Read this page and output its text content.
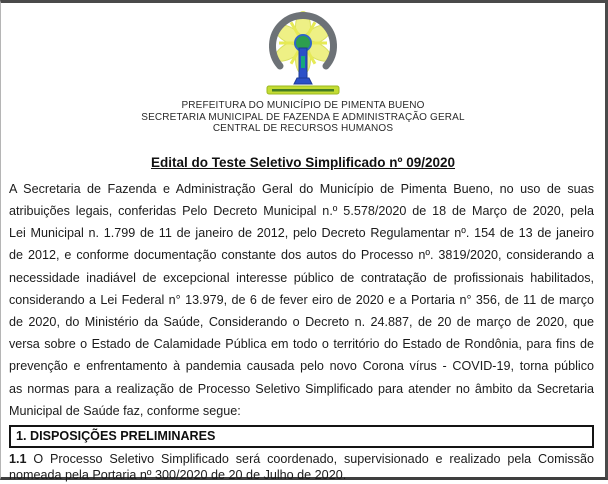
PREFEITURA DO MUNICÍPIO DE PIMENTA BUENO
SECRETARIA MUNICIPAL DE FAZENDA E ADMINISTRAÇÃO GERAL
CENTRAL DE RECURSOS HUMANOS
Edital do Teste Seletivo Simplificado nº 09/2020
A Secretaria de Fazenda e Administração Geral do Município de Pimenta Bueno, no uso de suas
atribuições legais, conferidas Pelo Decreto Municipal n.º 5.578/2020 de 18 de Março de 2020, pela
Lei Municipal n. 1.799 de 11 de janeiro de 2012, pelo Decreto Regulamentar nº. 154 de 13 de janeiro
de 2012, e conforme documentação constante dos autos do Processo nº. 3819/2020, considerando a
necessidade inadiável de excepcional interesse público de contratação de profissionais habilitados,
considerando a Lei Federal n° 13.979, de 6 de fever eiro de 2020 e a Portaria n° 356, de 11 de março
de 2020, do Ministério da Saúde, Considerando o Decreto n. 24.887, de 20 de março de 2020, que
versa sobre o Estado de Calamidade Pública em todo o território do Estado de Rondônia, para fins de
prevenção e enfrentamento à pandemia causada pelo novo Corona vírus - COVID-19, torna público
as normas para a realização de Processo Seletivo Simplificado para atender no âmbito da Secretaria
Municipal de Saúde faz, conforme segue:
1. DISPOSIÇÕES PRELIMINARES
1.1 O Processo Seletivo Simplificado será coordenado, supervisionado e realizado pela Comissão
nomeada pela Portaria nº 300/2020 de 20 de Julho de 2020.
